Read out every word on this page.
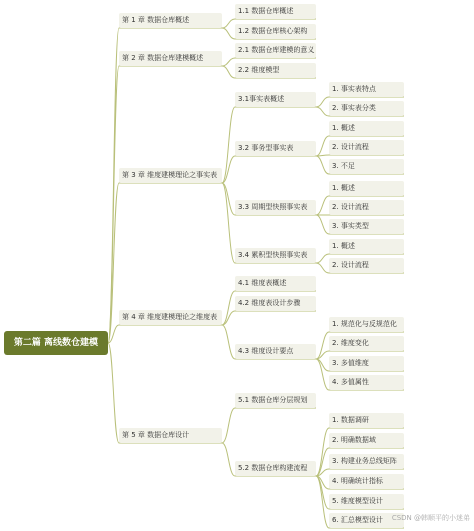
第 1 章 数据仓库概述
1.1 数据仓库概述
1.2 数据仓库核心架构
第 2 章 数据仓库建模概述
2.1 数据仓库建模的意义
2.2 维度模型
第 3 章 维度建模理论之事实表
3.1事实表概述
1. 事实表特点
2. 事实表分类
3.2 事务型事实表
1. 概述
2. 设计流程
3. 不足
3.3 周期型快照事实表
1. 概述
2. 设计流程
3. 事实类型
3.4 累积型快照事实表
1. 概述
2. 设计流程
第 4 章 维度建模理论之维度表
4.1 维度表概述
4.2 维度表设计步骤
4.3 维度设计要点
1. 规范化与反规范化
2. 维度变化
3. 多值维度
4. 多值属性
第 5 章 数据仓库设计
5.1 数据仓库分层规划
5.2 数据仓库构建流程
1. 数据调研
2. 明确数据域
3. 构建业务总线矩阵
4. 明确统计指标
5. 维度模型设计
6. 汇总模型设计
第二篇 离线数仓建模
CSDN @韩顺平的小迷弟
